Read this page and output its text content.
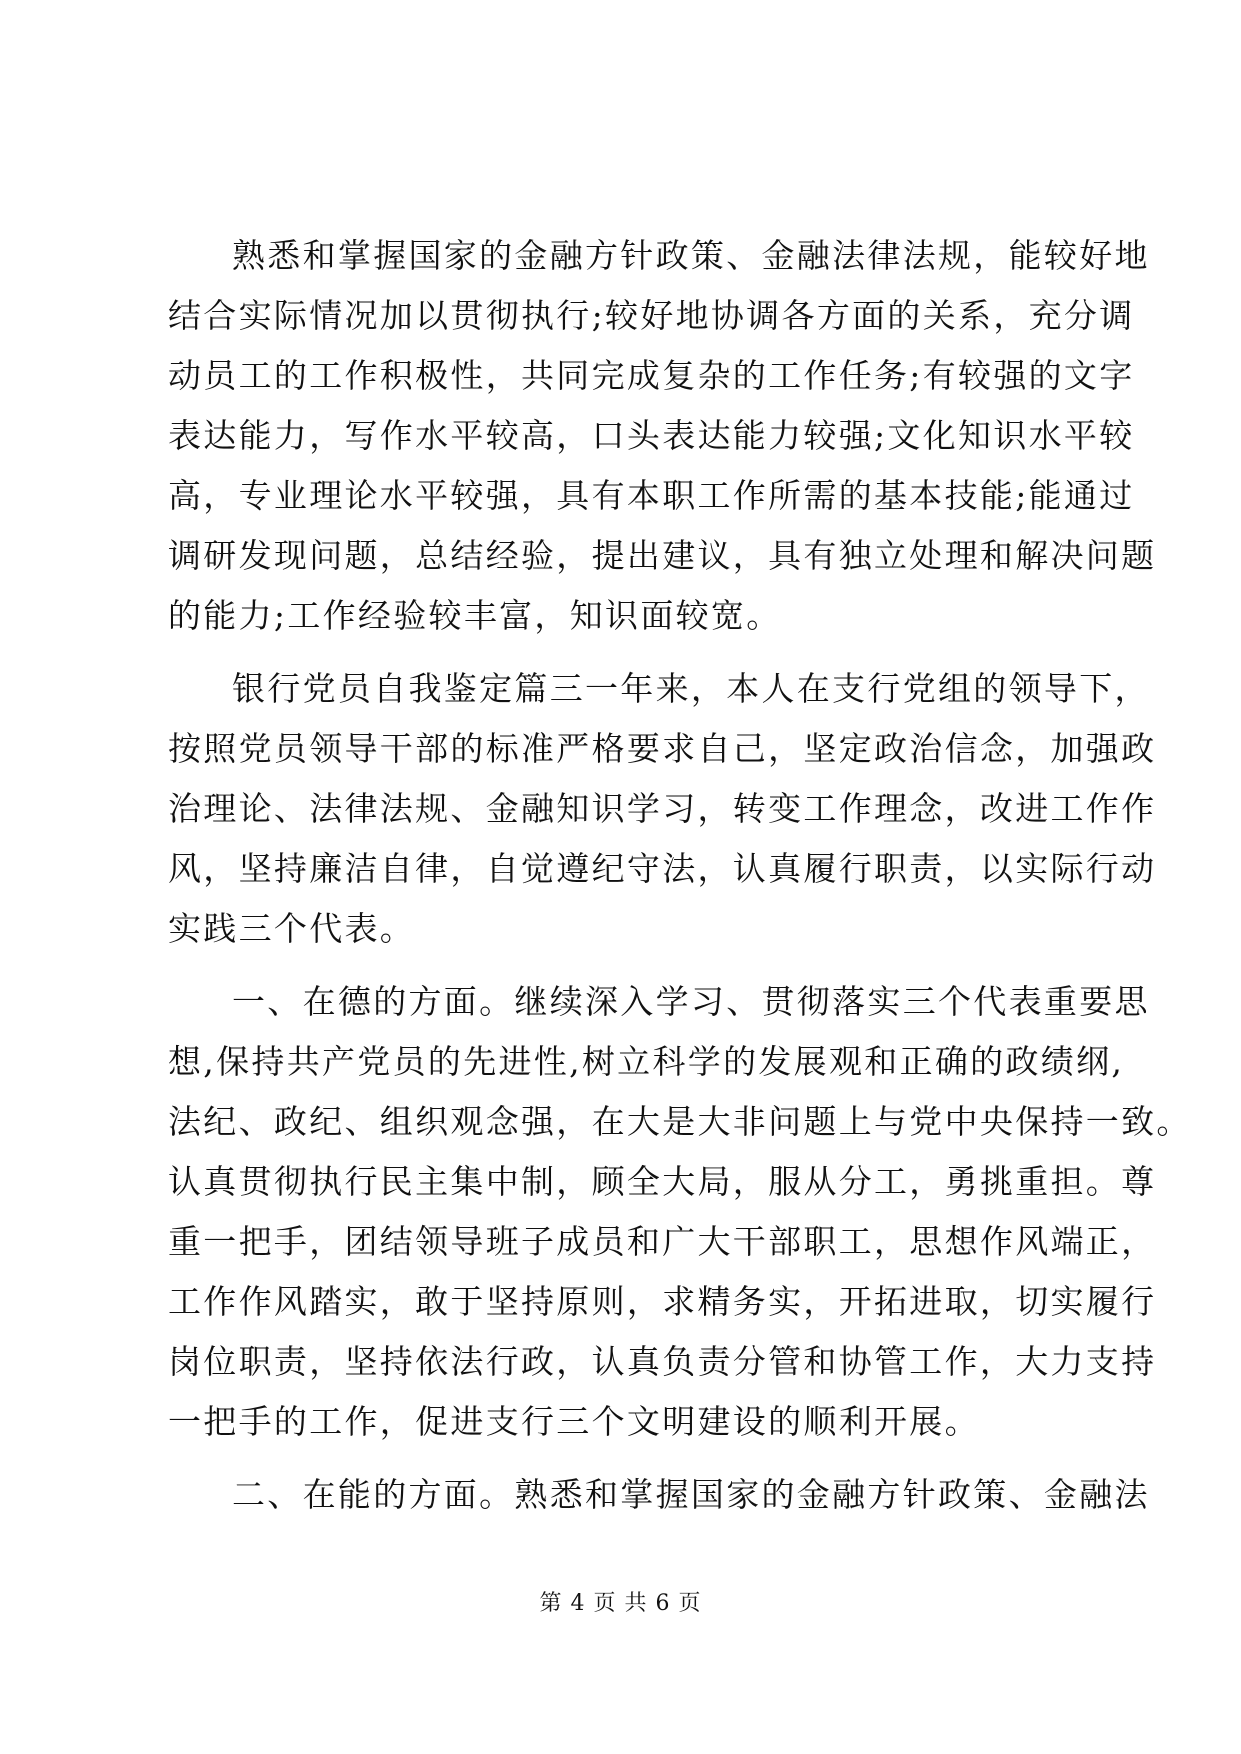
熟悉和掌握国家的金融方针政策、金融法律法规，能较好地
结合实际情况加以贯彻执行;较好地协调各方面的关系，充分调
动员工的工作积极性，共同完成复杂的工作任务;有较强的文字
表达能力，写作水平较高，口头表达能力较强;文化知识水平较
高，专业理论水平较强，具有本职工作所需的基本技能;能通过
调研发现问题，总结经验，提出建议，具有独立处理和解决问题
的能力;工作经验较丰富，知识面较宽。
银行党员自我鉴定篇三一年来，本人在支行党组的领导下，
按照党员领导干部的标准严格要求自己，坚定政治信念，加强政
治理论、法律法规、金融知识学习，转变工作理念，改进工作作
风，坚持廉洁自律，自觉遵纪守法，认真履行职责，以实际行动
实践三个代表。
一、在德的方面。继续深入学习、贯彻落实三个代表重要思
想,保持共产党员的先进性,树立科学的发展观和正确的政绩纲,
法纪、政纪、组织观念强，在大是大非问题上与党中央保持一致。
认真贯彻执行民主集中制，顾全大局，服从分工，勇挑重担。尊
重一把手，团结领导班子成员和广大干部职工，思想作风端正，
工作作风踏实，敢于坚持原则，求精务实，开拓进取，切实履行
岗位职责，坚持依法行政，认真负责分管和协管工作，大力支持
一把手的工作，促进支行三个文明建设的顺利开展。
二、在能的方面。熟悉和掌握国家的金融方针政策、金融法
第 4 页 共 6 页
